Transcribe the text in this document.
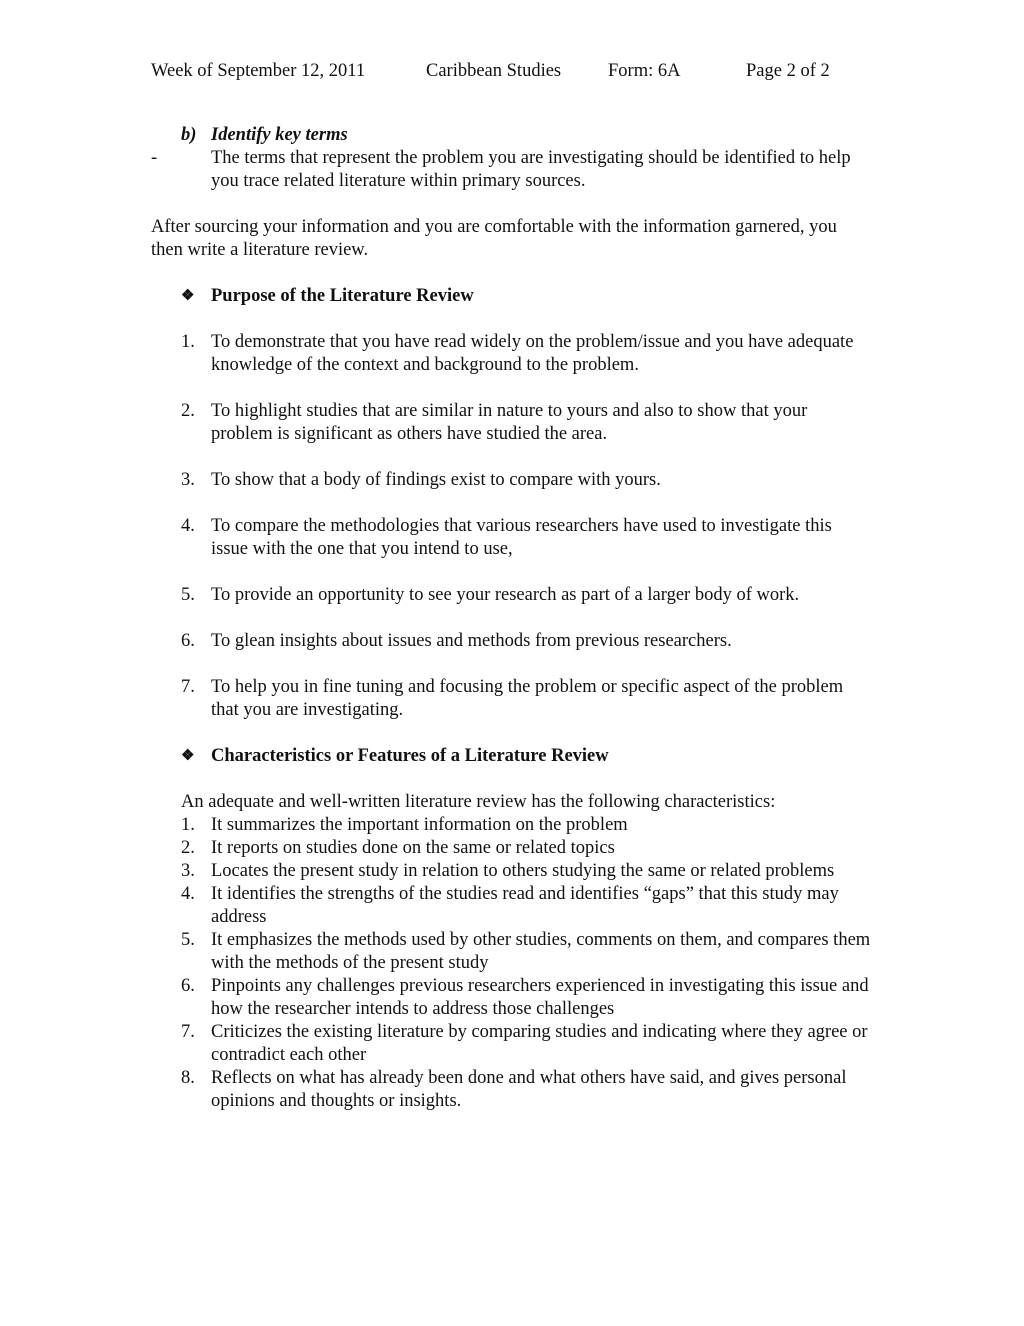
Week of September 12, 2011	Caribbean Studies	Form: 6A	Page 2 of 2
b) Identify key terms
-	The terms that represent the problem you are investigating should be identified to help you trace related literature within primary sources.

After sourcing your information and you are comfortable with the information garnered, you then write a literature review.

❖ Purpose of the Literature Review
1. To demonstrate that you have read widely on the problem/issue and you have adequate knowledge of the context and background to the problem.
2. To highlight studies that are similar in nature to yours and also to show that your problem is significant as others have studied the area.
3. To show that a body of findings exist to compare with yours.
4. To compare the methodologies that various researchers have used to investigate this issue with the one that you intend to use,
5. To provide an opportunity to see your research as part of a larger body of work.
6. To glean insights about issues and methods from previous researchers.
7. To help you in fine tuning and focusing the problem or specific aspect of the problem that you are investigating.
❖ Characteristics or Features of a Literature Review

An adequate and well-written literature review has the following characteristics:

1. It summarizes the important information on the problem
2. It reports on studies done on the same or related topics
3. Locates the present study in relation to others studying the same or related problems
4. It identifies the strengths of the studies read and identifies “gaps” that this study may address
5. It emphasizes the methods used by other studies, comments on them, and compares them with the methods of the present study
6. Pinpoints any challenges previous researchers experienced in investigating this issue and how the researcher intends to address those challenges
7. Criticizes the existing literature by comparing studies and indicating where they agree or contradict each other
8. Reflects on what has already been done and what others have said, and gives personal opinions and thoughts or insights.
